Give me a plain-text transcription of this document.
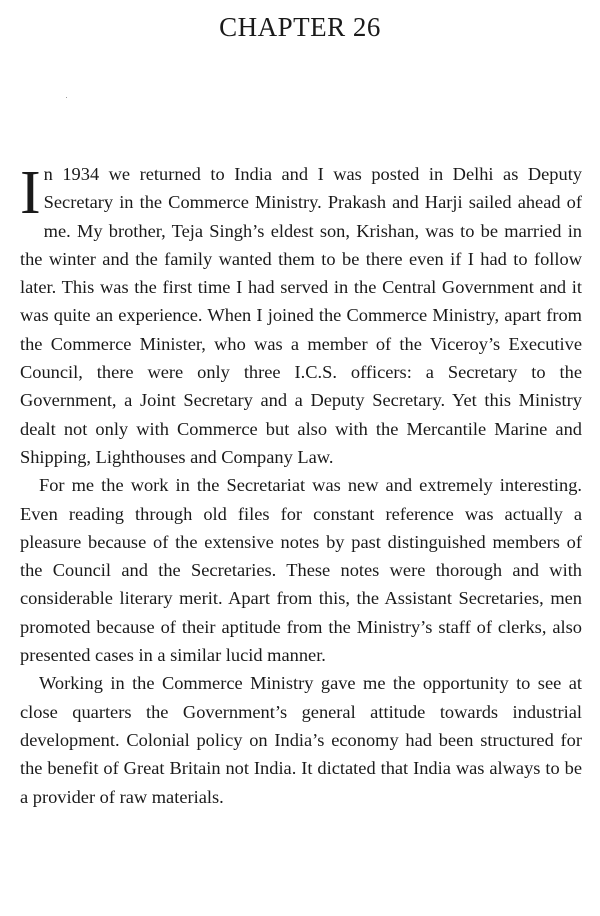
CHAPTER 26

In 1934 we returned to India and I was posted in Delhi as Deputy Secretary in the Commerce Ministry. Prakash and Harji sailed ahead of me. My brother, Teja Singh’s eldest son, Krishan, was to be married in the winter and the family wanted them to be there even if I had to follow later. This was the first time I had served in the Central Government and it was quite an experience. When I joined the Commerce Ministry, apart from the Commerce Minister, who was a member of the Viceroy’s Executive Council, there were only three I.C.S. officers: a Secretary to the Government, a Joint Secretary and a Deputy Secretary. Yet this Ministry dealt not only with Commerce but also with the Mercantile Marine and Shipping, Lighthouses and Company Law.

For me the work in the Secretariat was new and extremely interesting. Even reading through old files for constant reference was actually a pleasure because of the extensive notes by past distinguished members of the Council and the Secretaries. These notes were thorough and with considerable literary merit. Apart from this, the Assistant Secretaries, men promoted because of their aptitude from the Ministry’s staff of clerks, also presented cases in a similar lucid manner.

Working in the Commerce Ministry gave me the opportunity to see at close quarters the Government’s general attitude towards industrial development. Colonial policy on India’s economy had been structured for the benefit of Great Britain not India. It dictated that India was always to be a provider of raw materials.
